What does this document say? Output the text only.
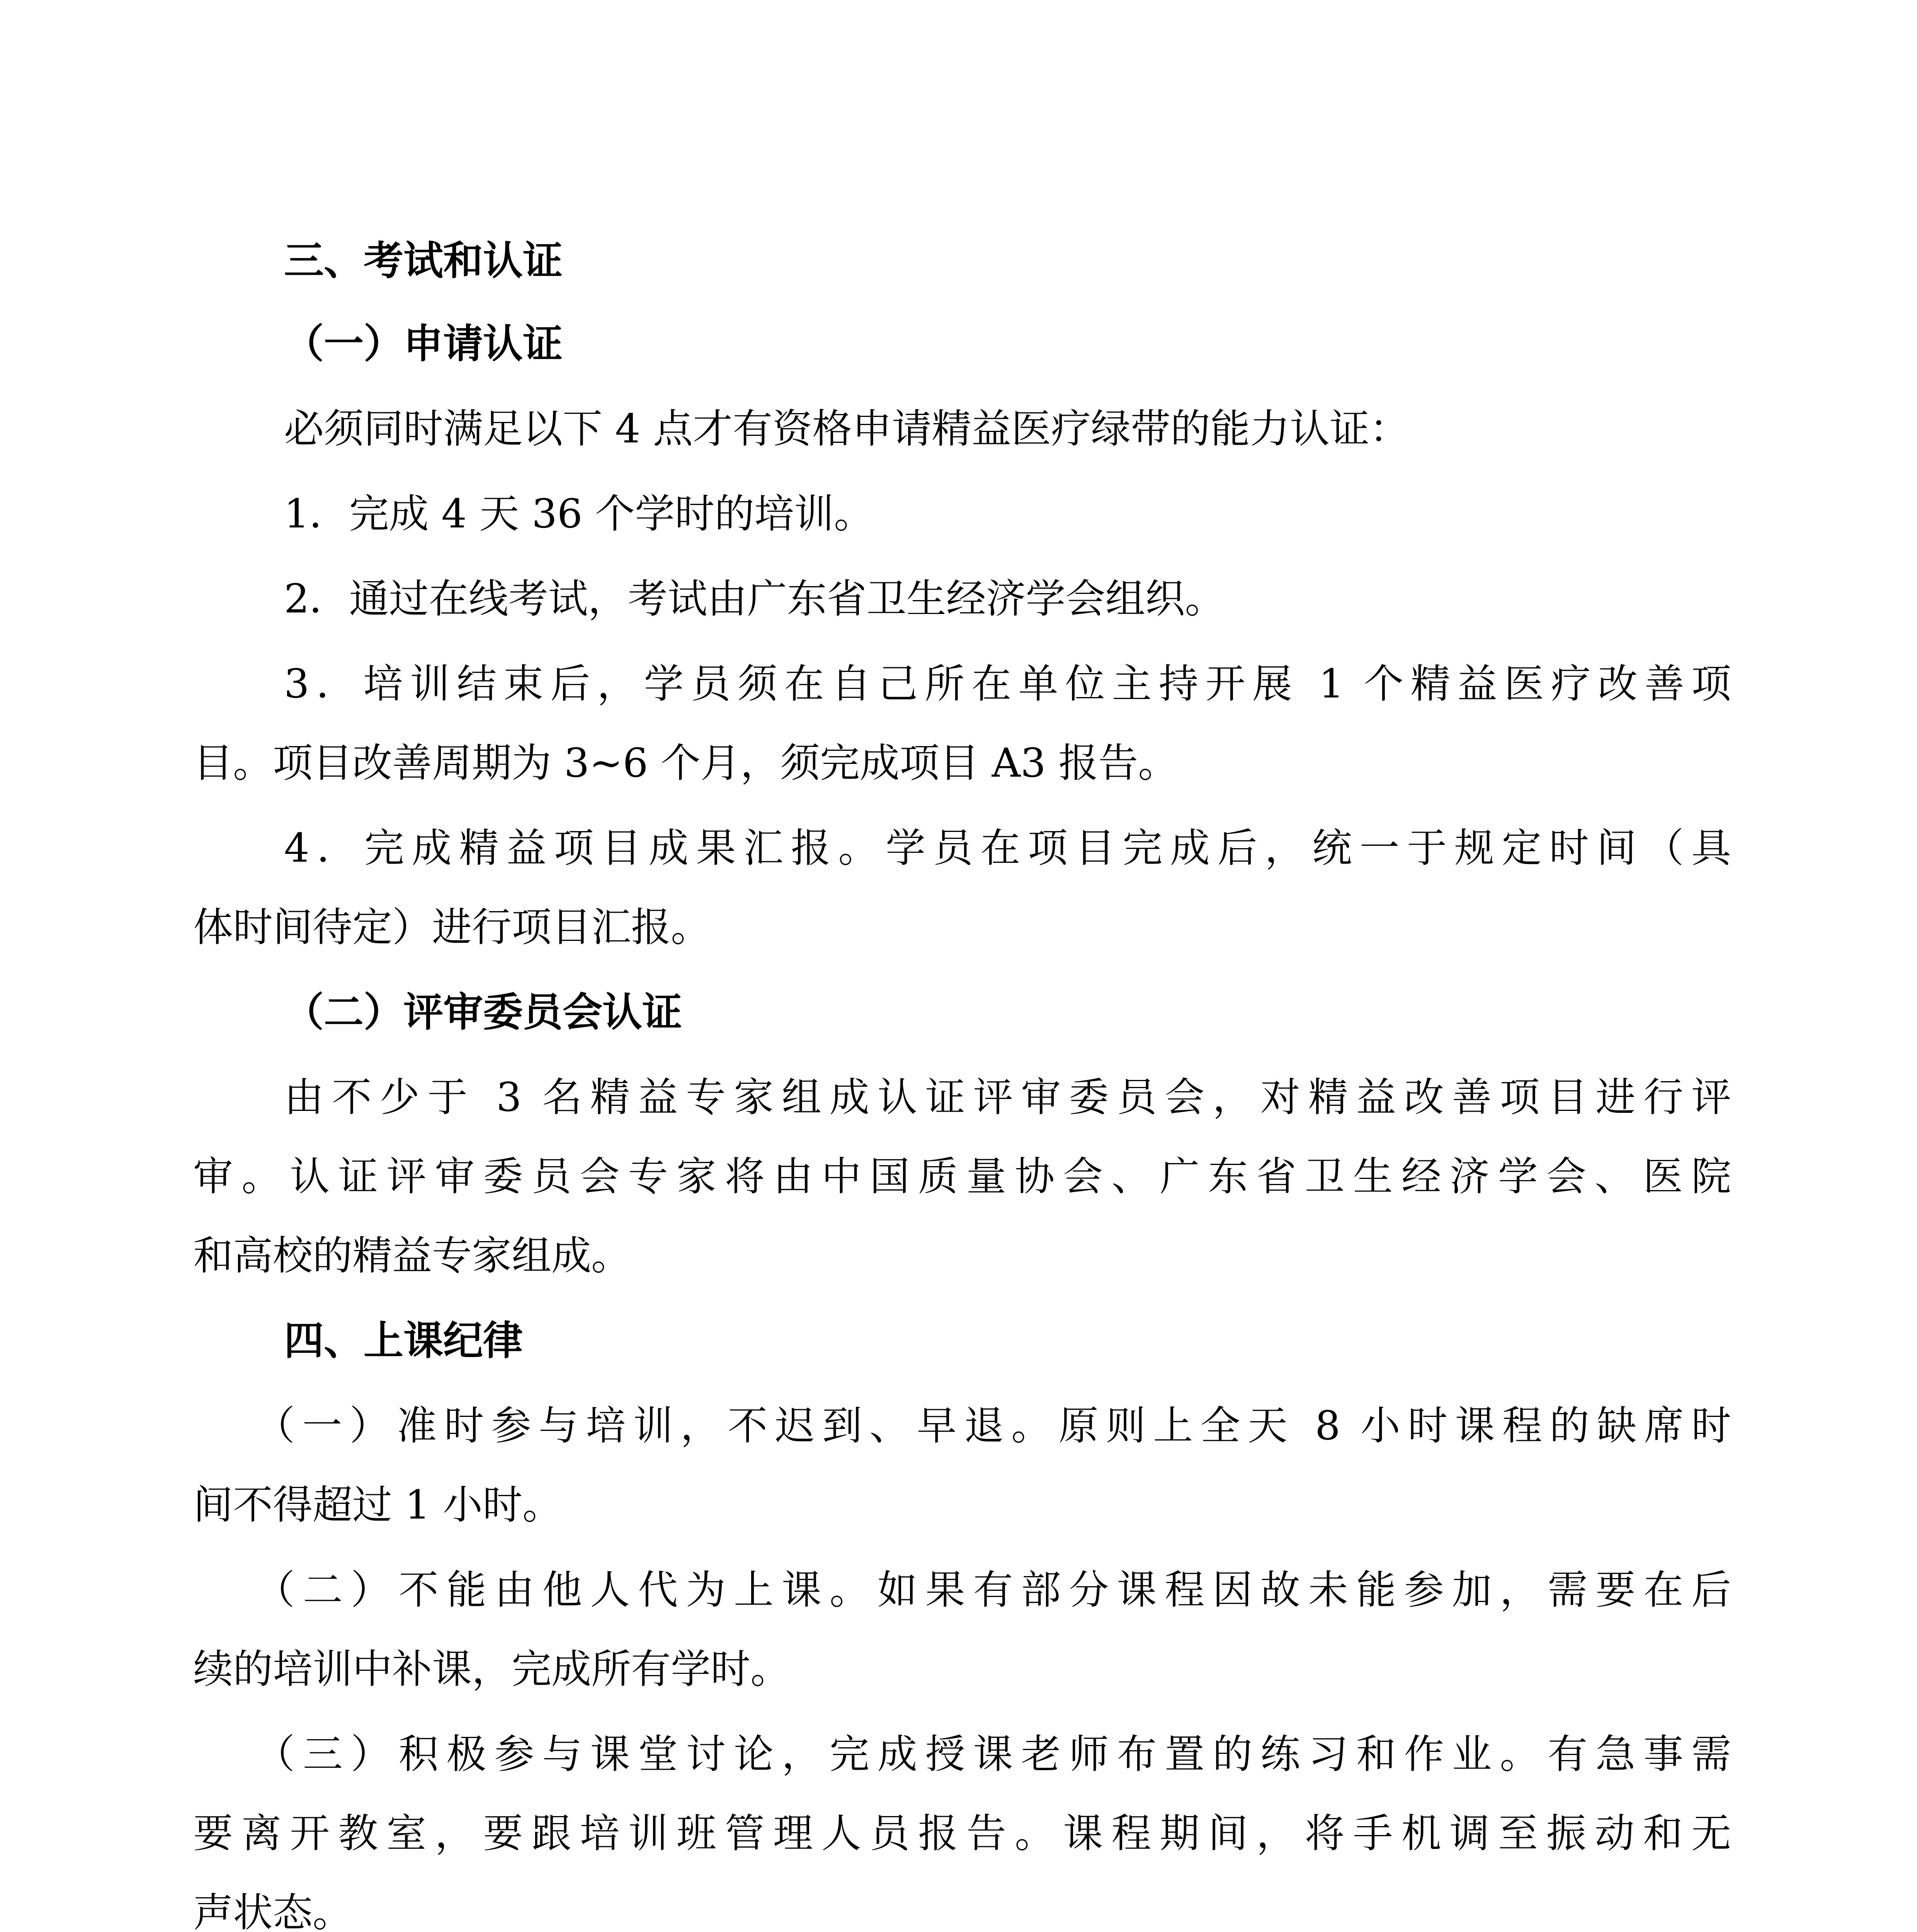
三、考试和认证
（一）申请认证
必须同时满足以下 4 点才有资格申请精益医疗绿带的能力认证：
1．完成 4 天 36 个学时的培训。
2．通过在线考试，考试由广东省卫生经济学会组织。
3．培训结束后，学员须在自己所在单位主持开展 1 个精益医疗改善项
目。项目改善周期为 3~6 个月，须完成项目 A3 报告。
4．完成精益项目成果汇报。学员在项目完成后，统一于规定时间（具
体时间待定）进行项目汇报。
（二）评审委员会认证
由不少于 3 名精益专家组成认证评审委员会，对精益改善项目进行评
审。认证评审委员会专家将由中国质量协会、广东省卫生经济学会、医院
和高校的精益专家组成。
四、上课纪律
（一）准时参与培训，不迟到、早退。原则上全天 8 小时课程的缺席时
间不得超过 1 小时。
（二）不能由他人代为上课。如果有部分课程因故未能参加，需要在后
续的培训中补课，完成所有学时。
（三）积极参与课堂讨论，完成授课老师布置的练习和作业。有急事需
要离开教室，要跟培训班管理人员报告。课程期间，将手机调至振动和无
声状态。
